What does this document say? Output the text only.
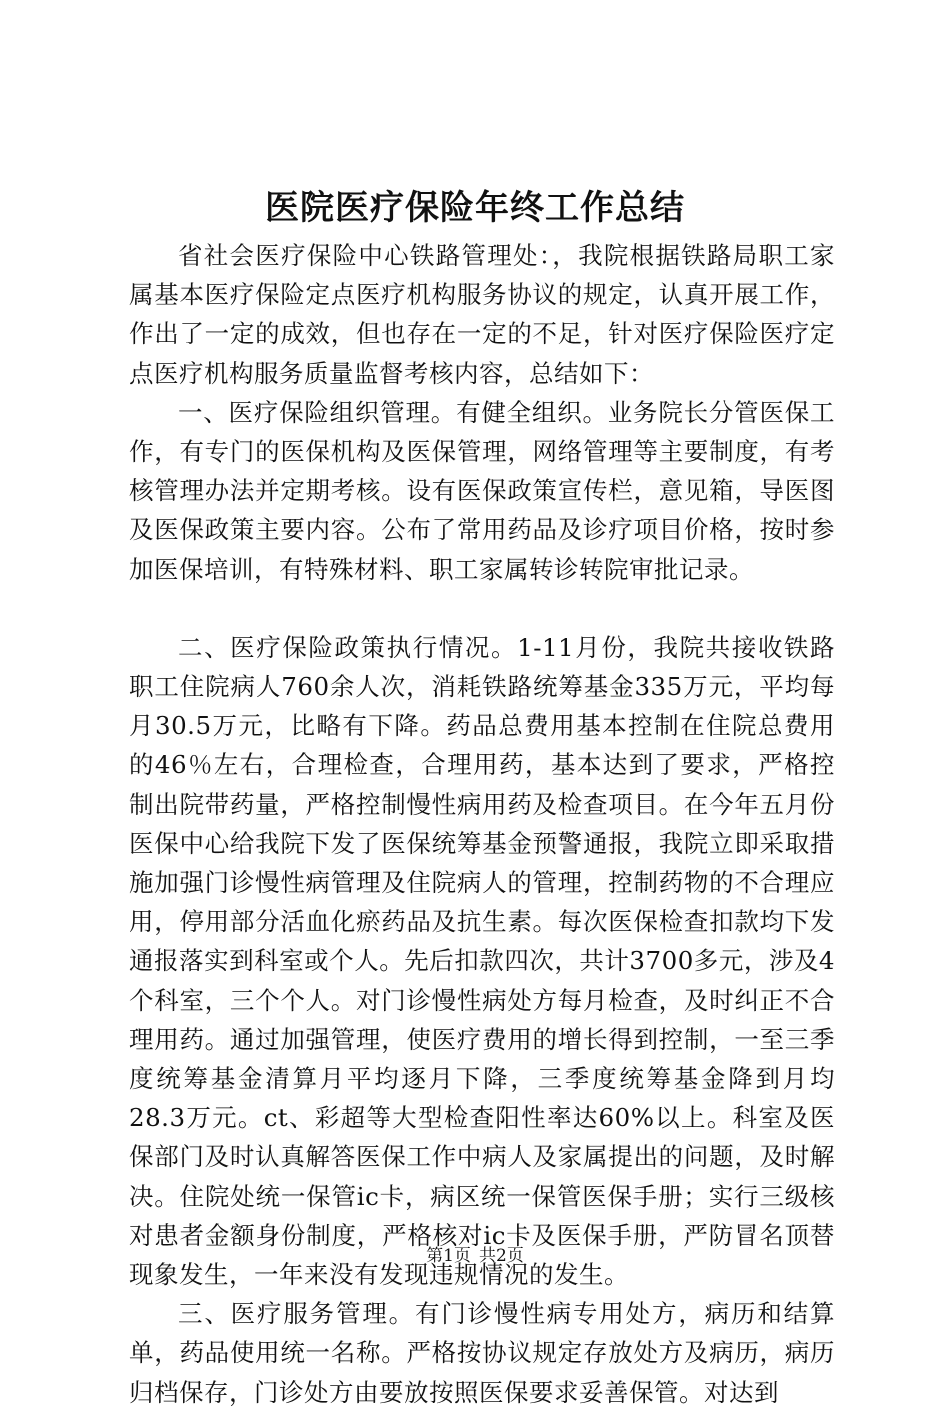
医院医疗保险年终工作总结

省社会医疗保险中心铁路管理处：，我院根据铁路局职工家属基本医疗保险定点医疗机构服务协议的规定，认真开展工作，作出了一定的成效，但也存在一定的不足，针对医疗保险医疗定点医疗机构服务质量监督考核内容，总结如下：

一、医疗保险组织管理。有健全组织。业务院长分管医保工作，有专门的医保机构及医保管理，网络管理等主要制度，有考核管理办法并定期考核。设有医保政策宣传栏，意见箱，导医图及医保政策主要内容。公布了常用药品及诊疗项目价格，按时参加医保培训，有特殊材料、职工家属转诊转院审批记录。

二、医疗保险政策执行情况。1-11月份，我院共接收铁路职工住院病人760余人次，消耗铁路统筹基金335万元，平均每月30.5万元，比略有下降。药品总费用基本控制在住院总费用的46％左右，合理检查，合理用药，基本达到了要求，严格控制出院带药量，严格控制慢性病用药及检查项目。在今年五月份医保中心给我院下发了医保统筹基金预警通报，我院立即采取措施加强门诊慢性病管理及住院病人的管理，控制药物的不合理应用，停用部分活血化瘀药品及抗生素。每次医保检查扣款均下发通报落实到科室或个人。先后扣款四次，共计3700多元，涉及4个科室，三个个人。对门诊慢性病处方每月检查，及时纠正不合理用药。通过加强管理，使医疗费用的增长得到控制，一至三季度统筹基金清算月平均逐月下降，三季度统筹基金降到月均28.3万元。ct、彩超等大型检查阳性率达60%以上。科室及医保部门及时认真解答医保工作中病人及家属提出的问题，及时解决。住院处统一保管ic卡，病区统一保管医保手册；实行三级核对患者金额身份制度，严格核对ic卡及医保手册，严防冒名顶替现象发生，一年来没有发现违规情况的发生。

三、医疗服务管理。有门诊慢性病专用处方，病历和结算单，药品使用统一名称。严格按协议规定存放处方及病历，病历归档保存，门诊处方由要放按照医保要求妥善保管。对达到

第1页 共2页
